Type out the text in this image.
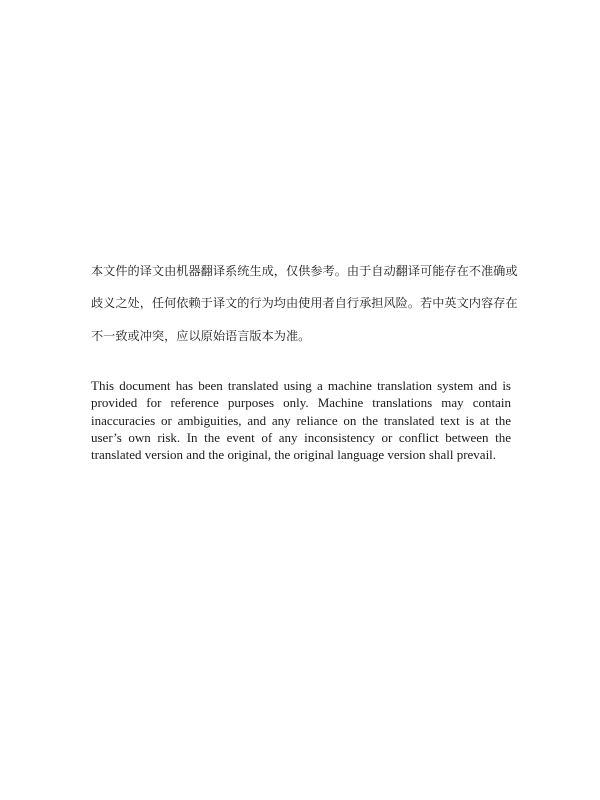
本文件的译文由机器翻译系统生成，仅供参考。由于自动翻译可能存在不准确或
歧义之处，任何依赖于译文的行为均由使用者自行承担风险。若中英文内容存在
不一致或冲突，应以原始语言版本为准。

This document has been translated using a machine translation system and is provided for reference purposes only. Machine translations may contain inaccuracies or ambiguities, and any reliance on the translated text is at the user’s own risk. In the event of any inconsistency or conflict between the translated version and the original, the original language version shall prevail.
